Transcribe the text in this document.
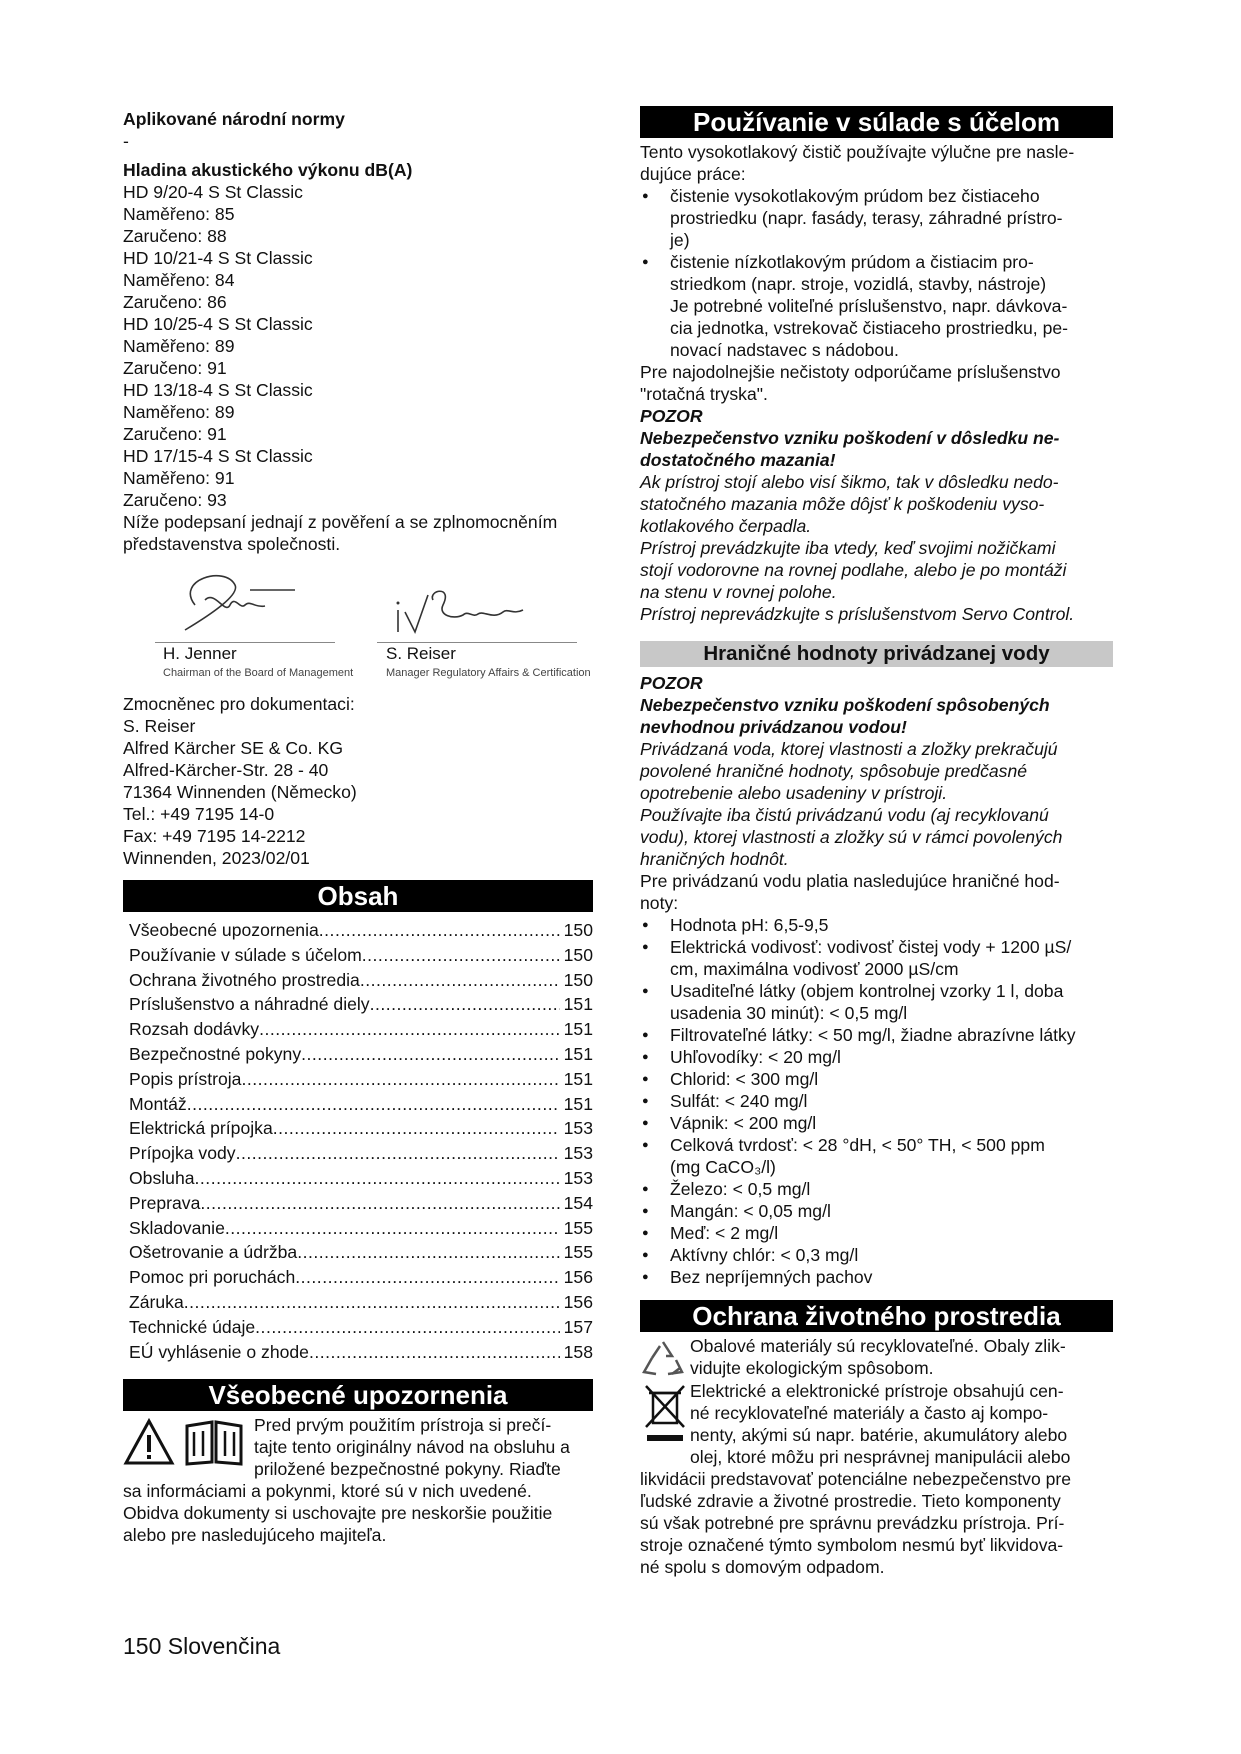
Aplikované národní normy
-
Hladina akustického výkonu dB(A)
HD 9/20-4 S St Classic
Naměřeno: 85
Zaručeno: 88
HD 10/21-4 S St Classic
Naměřeno: 84
Zaručeno: 86
HD 10/25-4 S St Classic
Naměřeno: 89
Zaručeno: 91
HD 13/18-4 S St Classic
Naměřeno: 89
Zaručeno: 91
HD 17/15-4 S St Classic
Naměřeno: 91
Zaručeno: 93
Níže podepsaní jednají z pověření a se zplnomocněním
představenstva společnosti.
H. Jenner
Chairman of the Board of Management
S. Reiser
Manager Regulatory Affairs & Certification
Zmocněnec pro dokumentaci:
S. Reiser
Alfred Kärcher SE & Co. KG
Alfred-Kärcher-Str. 28 - 40
71364 Winnenden (Německo)
Tel.: +49 7195 14-0
Fax: +49 7195 14-2212
Winnenden, 2023/02/01
Obsah
Všeobecné upozornenia .....	150
Používanie v súlade s účelom .....	150
Ochrana životného prostredia .....	150
Príslušenstvo a náhradné diely .....	151
Rozsah dodávky .....	151
Bezpečnostné pokyny .....	151
Popis prístroja .....	151
Montáž .....	151
Elektrická prípojka .....	153
Prípojka vody .....	153
Obsluha .....	153
Preprava .....	154
Skladovanie .....	155
Ošetrovanie a údržba .....	155
Pomoc pri poruchách .....	156
Záruka .....	156
Technické údaje .....	157
EÚ vyhlásenie o zhode .....	158
Všeobecné upozornenia
Pred prvým použitím prístroja si prečí-
tajte tento originálny návod na obsluhu a
priložené bezpečnostné pokyny. Riaďte
sa informáciami a pokynmi, ktoré sú v nich uvedené.
Obidva dokumenty si uschovajte pre neskoršie použitie
alebo pre nasledujúceho majiteľa.
Používanie v súlade s účelom
Tento vysokotlakový čistič používajte výlučne pre nasle-
dujúce práce:
● čistenie vysokotlakovým prúdom bez čistiaceho
prostriedku (napr. fasády, terasy, záhradné prístro-
je)
● čistenie nízkotlakovým prúdom a čistiacim pro-
striedkom (napr. stroje, vozidlá, stavby, nástroje)
Je potrebné voliteľné príslušenstvo, napr. dávkova-
cia jednotka, vstrekovač čistiaceho prostriedku, pe-
novací nadstavec s nádobou.
Pre najodolnejšie nečistoty odporúčame príslušenstvo
"rotačná tryska".
POZOR
Nebezpečenstvo vzniku poškodení v dôsledku ne-
dostatočného mazania!
Ak prístroj stojí alebo visí šikmo, tak v dôsledku nedo-
statočného mazania môže dôjsť k poškodeniu vyso-
kotlakového čerpadla.
Prístroj prevádzkujte iba vtedy, keď svojimi nožičkami
stojí vodorovne na rovnej podlahe, alebo je po montáži
na stenu v rovnej polohe.
Prístroj neprevádzkujte s príslušenstvom Servo Control.
Hraničné hodnoty privádzanej vody
POZOR
Nebezpečenstvo vzniku poškodení spôsobených
nevhodnou privádzanou vodou!
Privádzaná voda, ktorej vlastnosti a zložky prekračujú
povolené hraničné hodnoty, spôsobuje predčasné
opotrebenie alebo usadeniny v prístroji.
Používajte iba čistú privádzanú vodu (aj recyklovanú
vodu), ktorej vlastnosti a zložky sú v rámci povolených
hraničných hodnôt.
Pre privádzanú vodu platia nasledujúce hraničné hod-
noty:
● Hodnota pH: 6,5-9,5
● Elektrická vodivosť: vodivosť čistej vody + 1200 µS/
cm, maximálna vodivosť 2000 µS/cm
● Usaditeľné látky (objem kontrolnej vzorky 1 l, doba
usadenia 30 minút): < 0,5 mg/l
● Filtrovateľné látky: < 50 mg/l, žiadne abrazívne látky
● Uhľovodíky: < 20 mg/l
● Chlorid: < 300 mg/l
● Sulfát: < 240 mg/l
● Vápnik: < 200 mg/l
● Celková tvrdosť: < 28 °dH, < 50° TH, < 500 ppm
(mg CaCO₃/l)
● Železo: < 0,5 mg/l
● Mangán: < 0,05 mg/l
● Meď: < 2 mg/l
● Aktívny chlór: < 0,3 mg/l
● Bez nepríjemných pachov
Ochrana životného prostredia
Obalové materiály sú recyklovateľné. Obaly zlik-
vidujte ekologickým spôsobom.
Elektrické a elektronické prístroje obsahujú cen-
né recyklovateľné materiály a často aj kompo-
nenty, akými sú napr. batérie, akumulátory alebo
olej, ktoré môžu pri nesprávnej manipulácii alebo
likvidácii predstavovať potenciálne nebezpečenstvo pre
ľudské zdravie a životné prostredie. Tieto komponenty
sú však potrebné pre správnu prevádzku prístroja. Prí-
stroje označené týmto symbolom nesmú byť likvidova-
né spolu s domovým odpadom.
150 Slovenčina
